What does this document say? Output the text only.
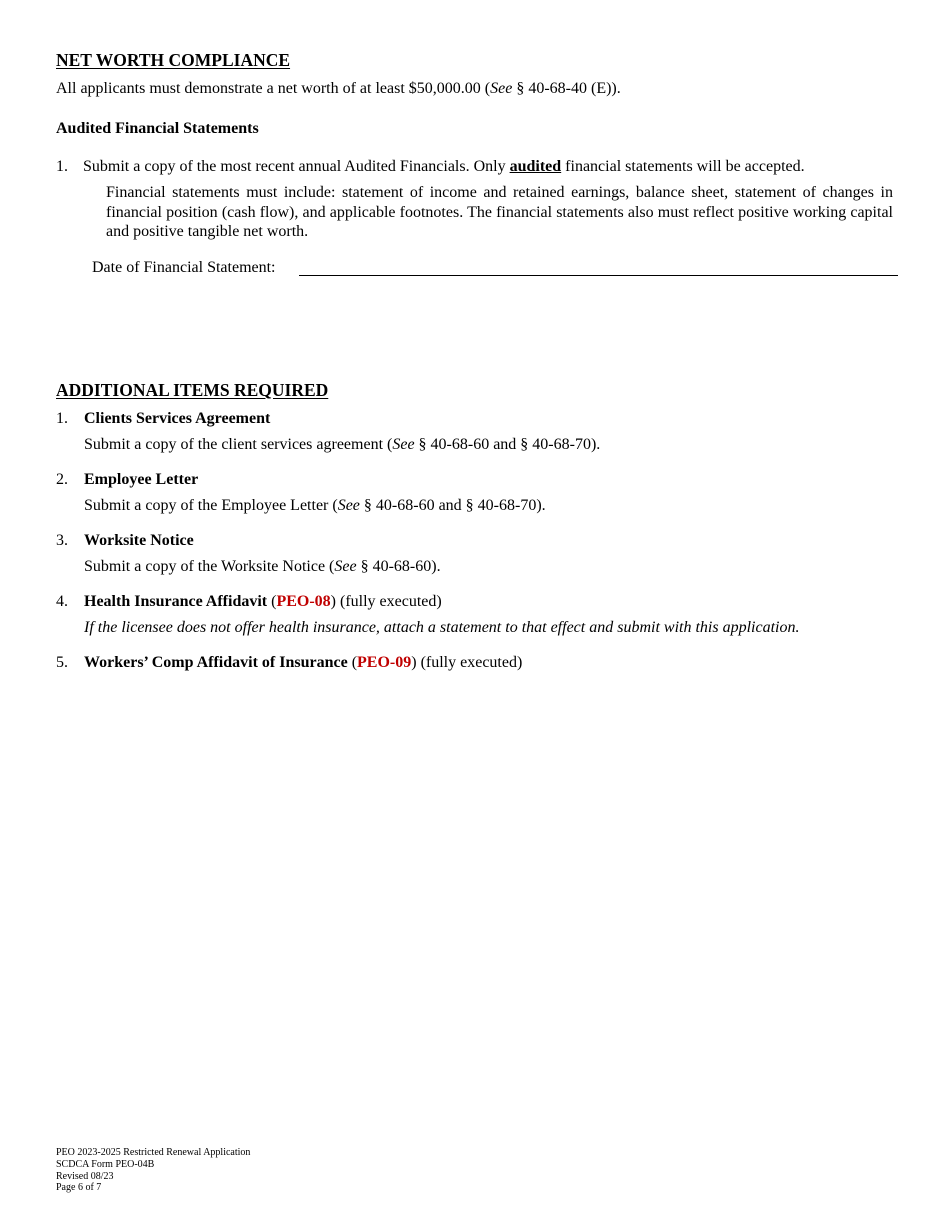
NET WORTH COMPLIANCE
All applicants must demonstrate a net worth of at least $50,000.00 (See § 40-68-40 (E)).
Audited Financial Statements
1. Submit a copy of the most recent annual Audited Financials. Only audited financial statements will be accepted.
Financial statements must include: statement of income and retained earnings, balance sheet, statement of changes in financial position (cash flow), and applicable footnotes. The financial statements also must reflect positive working capital and positive tangible net worth.
Date of Financial Statement:
ADDITIONAL ITEMS REQUIRED
1. Clients Services Agreement
Submit a copy of the client services agreement (See § 40-68-60 and § 40-68-70).
2. Employee Letter
Submit a copy of the Employee Letter (See § 40-68-60 and § 40-68-70).
3. Worksite Notice
Submit a copy of the Worksite Notice (See § 40-68-60).
4. Health Insurance Affidavit (PEO-08) (fully executed)
If the licensee does not offer health insurance, attach a statement to that effect and submit with this application.
5. Workers’ Comp Affidavit of Insurance (PEO-09) (fully executed)
PEO 2023-2025 Restricted Renewal Application
SCDCA Form PEO-04B
Revised 08/23
Page 6 of 7
